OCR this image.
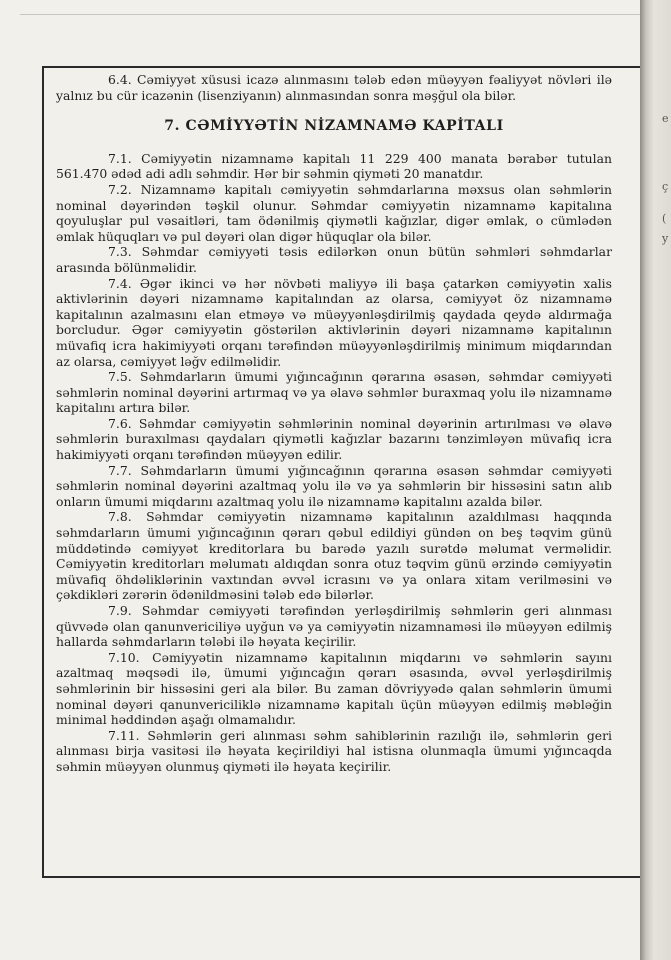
6.4. Cəmiyyət xüsusi icazə alınmasını tələb edən müəyyən fəaliyyət növləri ilə yalnız bu cür icazənin (lisenziyanın) alınmasından sonra məşğul ola bilər.

7. CƏMİYYƏTİN NİZAMNAMƏ KAPİTALI

7.1. Cəmiyyətin nizamnamə kapitalı 11 229 400 manata bərabər tutulan 561.470 ədəd adi adlı səhmdir. Hər bir səhmin qiyməti 20 manatdır.

7.2. Nizamnamə kapitalı cəmiyyətin səhmdarlarına məxsus olan səhmlərin nominal dəyərindən təşkil olunur. Səhmdar cəmiyyətin nizamnamə kapitalına qoyuluşlar pul vəsaitləri, tam ödənilmiş qiymətli kağızlar, digər əmlak, o cümlədən əmlak hüquqları və pul dəyəri olan digər hüquqlar ola bilər.

7.3. Səhmdar cəmiyyəti təsis edilərkən onun bütün səhmləri səhmdarlar arasında bölünməlidir.

7.4. Əgər ikinci və hər növbəti maliyyə ili başa çatarkən cəmiyyətin xalis aktivlərinin dəyəri nizamnamə kapitalından az olarsa, cəmiyyət öz nizamnamə kapitalının azalmasını elan etməyə və müəyyənləşdirilmiş qaydada qeydə aldırmağa borcludur. Əgər cəmiyyətin göstərilən aktivlərinin dəyəri nizamnamə kapitalının müvafiq icra hakimiyyəti orqanı tərəfindən müəyyənləşdirilmiş minimum miqdarından az olarsa, cəmiyyət ləğv edilməlidir.

7.5. Səhmdarların ümumi yığıncağının qərarına əsasən, səhmdar cəmiyyəti səhmlərin nominal dəyərini artırmaq və ya əlavə səhmlər buraxmaq yolu ilə nizamnamə kapitalını artıra bilər.

7.6. Səhmdar cəmiyyətin səhmlərinin nominal dəyərinin artırılması və əlavə səhmlərin buraxılması qaydaları qiymətli kağızlar bazarını tənzimləyən müvafiq icra hakimiyyəti orqanı tərəfindən müəyyən edilir.

7.7. Səhmdarların ümumi yığıncağının qərarına əsasən səhmdar cəmiyyəti səhmlərin nominal dəyərini azaltmaq yolu ilə və ya səhmlərin bir hissəsini satın alıb onların ümumi miqdarını azaltmaq yolu ilə nizamnamə kapitalını azalda bilər.

7.8. Səhmdar cəmiyyətin nizamnamə kapitalının azaldılması haqqında səhmdarların ümumi yığıncağının qərarı qəbul edildiyi gündən on beş təqvim günü müddətində cəmiyyət kreditorlara bu barədə yazılı surətdə məlumat verməlidir. Cəmiyyətin kreditorları məlumatı aldıqdan sonra otuz təqvim günü ərzində cəmiyyətin müvafiq öhdəliklərinin vaxtından əvvəl icrasını və ya onlara xitam verilməsini və çəkdikləri zərərin ödənildməsini tələb edə bilərlər.

7.9. Səhmdar cəmiyyəti tərəfindən yerləşdirilmiş səhmlərin geri alınması qüvvədə olan qanunvericiliyə uyğun və ya cəmiyyətin nizamnaməsi ilə müəyyən edilmiş hallarda səhmdarların tələbi ilə həyata keçirilir.

7.10. Cəmiyyətin nizamnamə kapitalının miqdarını və səhmlərin sayını azaltmaq məqsədi ilə, ümumi yığıncağın qərarı əsasında, əvvəl yerləşdirilmiş səhmlərinin bir hissəsini geri ala bilər. Bu zaman dövriyyədə qalan səhmlərin ümumi nominal dəyəri qanunvericiliklə nizamnamə kapitalı üçün müəyyən edilmiş məbləğin minimal həddindən aşağı olmamalıdır.

7.11. Səhmlərin geri alınması səhm sahiblərinin razılığı ilə, səhmlərin geri alınması birja vasitəsi ilə həyata keçirildiyi hal istisna olunmaqla ümumi yığıncaqda səhmin müəyyən olunmuş qiymәti ilə həyata keçirilir.

e
ç
(
y
